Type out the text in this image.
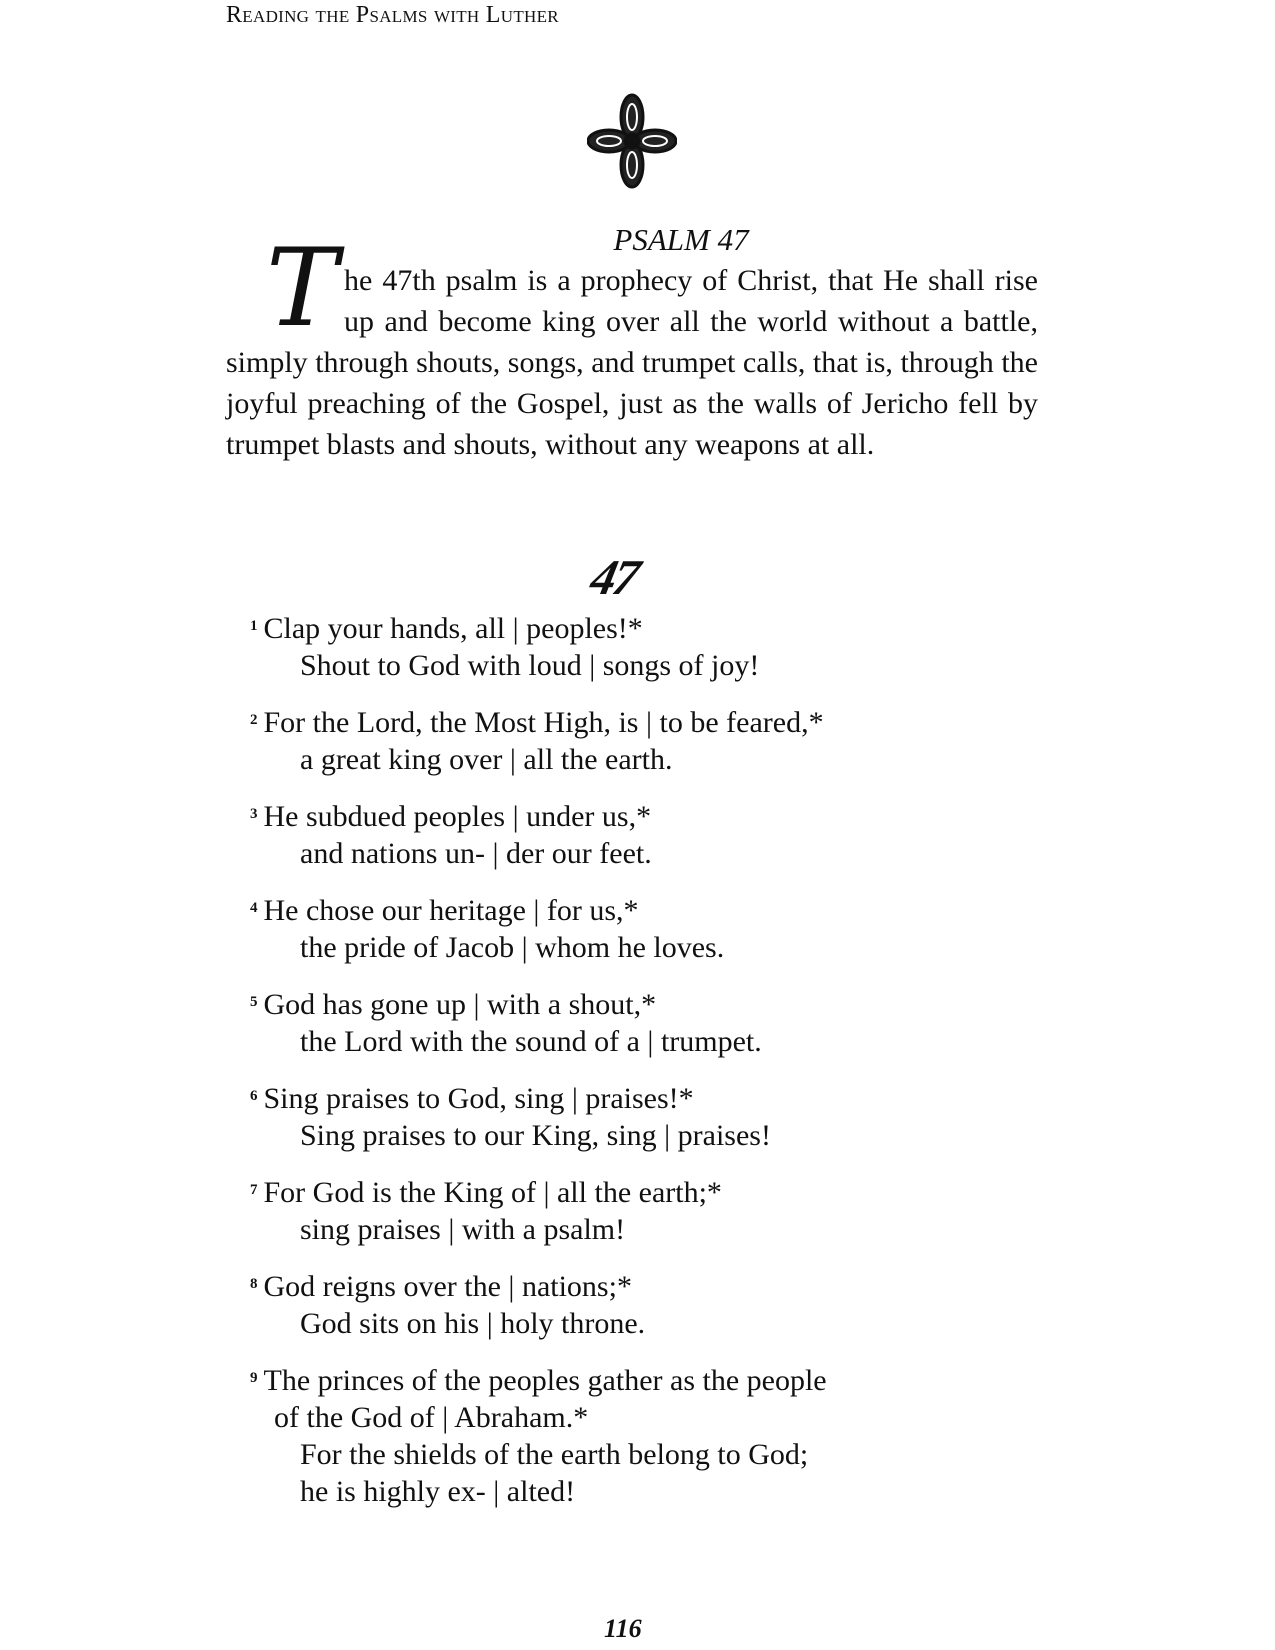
Reading the Psalms with Luther
PSALM 47
The 47th psalm is a prophecy of Christ, that He shall rise up and become king over all the world without a battle, simply through shouts, songs, and trumpet calls, that is, through the joyful preaching of the Gospel, just as the walls of Jericho fell by trumpet blasts and shouts, without any weapons at all.
47
$^1$ Clap your hands, all | peoples!*
Shout to God with loud | songs of joy!
$^2$ For the Lord, the Most High, is | to be feared,*
a great king over | all the earth.
$^3$ He subdued peoples | under us,*
and nations un- | der our feet.
$^4$ He chose our heritage | for us,*
the pride of Jacob | whom he loves.
$^5$ God has gone up | with a shout,*
the Lord with the sound of a | trumpet.
$^6$ Sing praises to God, sing | praises!*
Sing praises to our King, sing | praises!
$^7$ For God is the King of | all the earth;*
sing praises | with a psalm!
$^8$ God reigns over the | nations;*
God sits on his | holy throne.
$^9$ The princes of the peoples gather as the people
of the God of | Abraham.*
For the shields of the earth belong to God;
he is highly ex- | alted!
116
